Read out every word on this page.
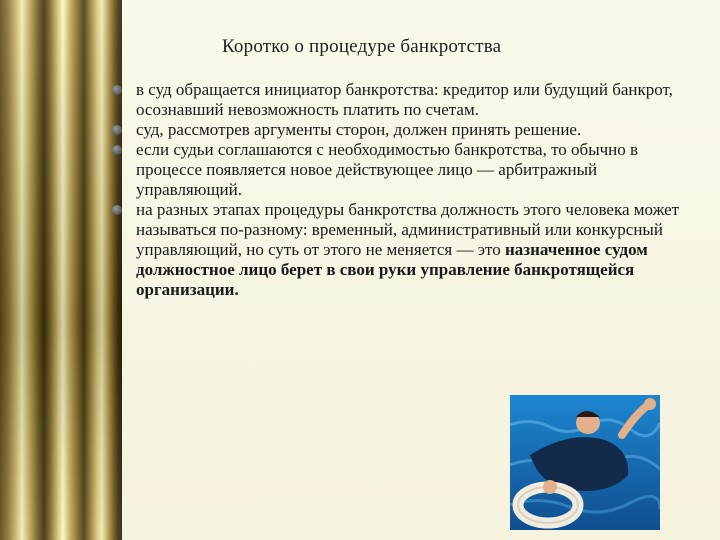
Коротко о процедуре банкротства
в суд обращается инициатор банкротства: кредитор или будущий банкрот, осознавший невозможность платить по счетам.
суд, рассмотрев аргументы сторон, должен принять решение.
если судьи соглашаются с необходимостью банкротства, то обычно в процессе появляется новое действующее лицо — арбитражный управляющий.
на разных этапах процедуры банкротства должность этого человека может называться по-разному: временный, административный или конкурсный управляющий, но суть от этого не меняется — это назначенное судом должностное лицо берет в свои руки управление банкротящейся организации.
